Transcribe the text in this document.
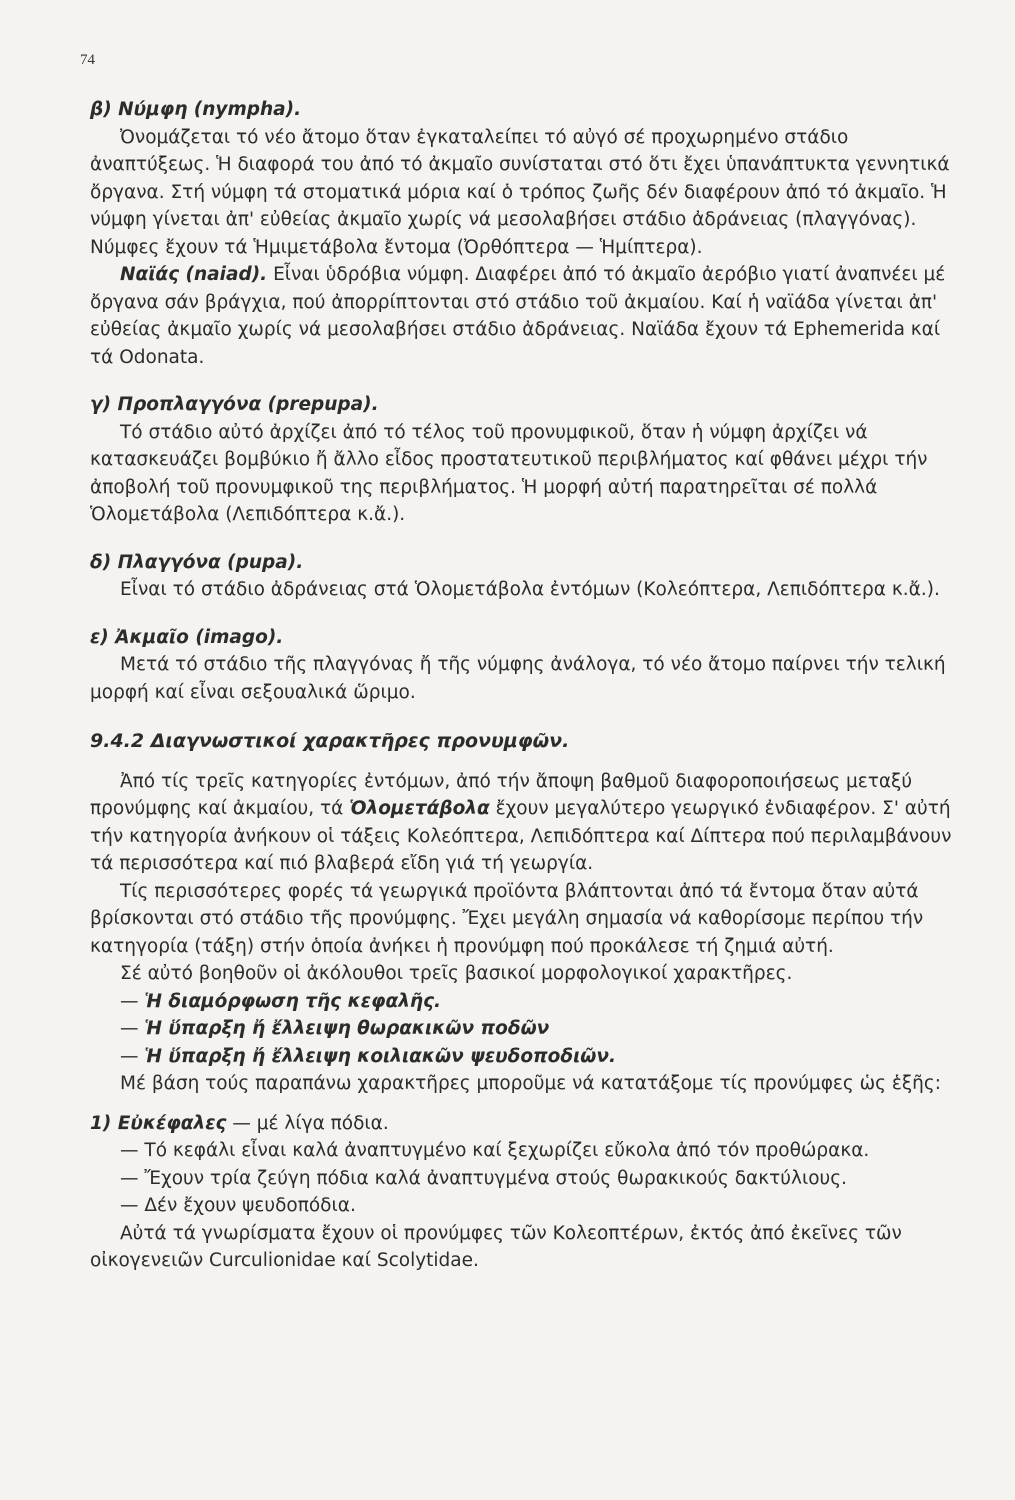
74

β) Νύμφη (nympha).

Ὀνομάζεται τό νέο ἄτομο ὅταν ἐγκαταλείπει τό αὐγό σέ προχωρημένο στάδιο ἀναπτύξεως. Ἡ διαφορά του ἀπό τό ἀκμαῖο συνίσταται στό ὅτι ἔχει ὑπανάπτυκτα γεννητικά ὄργανα. Στή νύμφη τά στοματικά μόρια καί ὁ τρόπος ζωῆς δέν διαφέρουν ἀπό τό ἀκμαῖο. Ἡ νύμφη γίνεται ἀπ' εὐθείας ἀκμαῖο χωρίς νά μεσολαβήσει στάδιο ἀδράνειας (πλαγγόνας). Νύμφες ἔχουν τά Ἡμιμετάβολα ἔντομα (Ὀρθόπτερα — Ἡμίπτερα).

Ναϊάς (naiad). Εἶναι ὑδρόβια νύμφη. Διαφέρει ἀπό τό ἀκμαῖο ἀερόβιο γιατί ἀναπνέει μέ ὄργανα σάν βράγχια, πού ἀπορρίπτονται στό στάδιο τοῦ ἀκμαίου. Καί ἡ ναϊάδα γίνεται ἀπ' εὐθείας ἀκμαῖο χωρίς νά μεσολαβήσει στάδιο ἀδράνειας. Ναϊάδα ἔχουν τά Ephemerida καί τά Odonata.

γ) Προπλαγγόνα (prepupa).

Τό στάδιο αὐτό ἀρχίζει ἀπό τό τέλος τοῦ προνυμφικοῦ, ὅταν ἡ νύμφη ἀρχίζει νά κατασκευάζει βομβύκιο ἤ ἄλλο εἶδος προστατευτικοῦ περιβλήματος καί φθάνει μέχρι τήν ἀποβολή τοῦ προνυμφικοῦ της περιβλήματος. Ἡ μορφή αὐτή παρατηρεῖται σέ πολλά Ὁλομετάβολα (Λεπιδόπτερα κ.ἄ.).

δ) Πλαγγόνα (pupa).

Εἶναι τό στάδιο ἀδράνειας στά Ὁλομετάβολα ἐντόμων (Κολεόπτερα, Λεπιδόπτερα κ.ἄ.).

ε) Ἀκμαῖο (imago).

Μετά τό στάδιο τῆς πλαγγόνας ἤ τῆς νύμφης ἀνάλογα, τό νέο ἄτομο παίρνει τήν τελική μορφή καί εἶναι σεξουαλικά ὥριμο.

9.4.2 Διαγνωστικοί χαρακτῆρες προνυμφῶν.

Ἀπό τίς τρεῖς κατηγορίες ἐντόμων, ἀπό τήν ἄποψη βαθμοῦ διαφοροποιήσεως μεταξύ προνύμφης καί ἀκμαίου, τά Ὁλομετάβολα ἔχουν μεγαλύτερο γεωργικό ἐνδιαφέρον. Σ' αὐτή τήν κατηγορία ἀνήκουν οἱ τάξεις Κολεόπτερα, Λεπιδόπτερα καί Δίπτερα πού περιλαμβάνουν τά περισσότερα καί πιό βλαβερά εἴδη γιά τή γεωργία.

Τίς περισσότερες φορές τά γεωργικά προϊόντα βλάπτονται ἀπό τά ἔντομα ὅταν αὐτά βρίσκονται στό στάδιο τῆς προνύμφης. Ἔχει μεγάλη σημασία νά καθορίσομε περίπου τήν κατηγορία (τάξη) στήν ὁποία ἀνήκει ἡ προνύμφη πού προκάλεσε τή ζημιά αὐτή.

Σέ αὐτό βοηθοῦν οἱ ἀκόλουθοι τρεῖς βασικοί μορφολογικοί χαρακτῆρες.

— Ἡ διαμόρφωση τῆς κεφαλῆς.

— Ἡ ὕπαρξη ἤ ἔλλειψη θωρακικῶν ποδῶν

— Ἡ ὕπαρξη ἤ ἔλλειψη κοιλιακῶν ψευδοποδιῶν.

Μέ βάση τούς παραπάνω χαρακτῆρες μποροῦμε νά κατατάξομε τίς προνύμφες ὡς ἑξῆς:

1) Εὐκέφαλες — μέ λίγα πόδια.

— Τό κεφάλι εἶναι καλά ἀναπτυγμένο καί ξεχωρίζει εὔκολα ἀπό τόν προθώρακα.

— Ἔχουν τρία ζεύγη πόδια καλά ἀναπτυγμένα στούς θωρακικούς δακτύλιους.

— Δέν ἔχουν ψευδοπόδια.

Αὐτά τά γνωρίσματα ἔχουν οἱ προνύμφες τῶν Κολεοπτέρων, ἐκτός ἀπό ἐκεῖνες τῶν οἰκογενειῶν Curculionidae καί Scolytidae.
